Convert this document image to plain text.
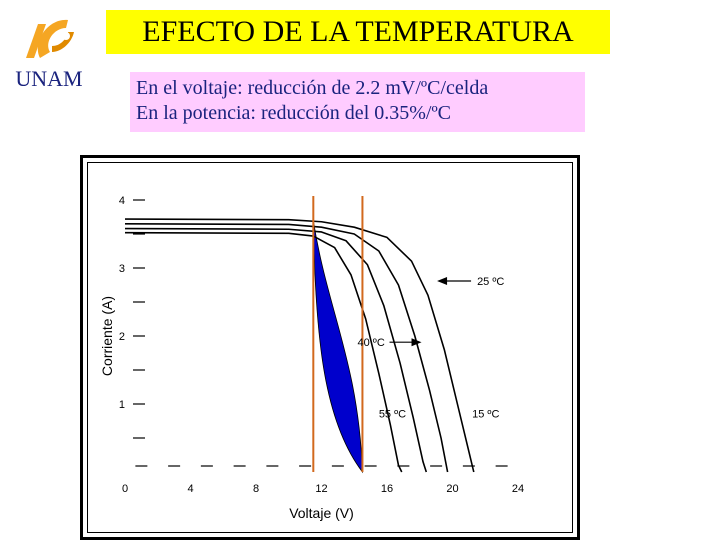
UNAM
EFECTO DE LA TEMPERATURA
En el voltaje: reducción de 2.2 mV/ºC/celda
En la potencia: reducción del 0.35%/ºC
1
2
3
4
0	4	8	12	16	20	24
Voltaje (V)
Corriente (A)
25 ºC
40 ºC
55 ºC	15 ºC
